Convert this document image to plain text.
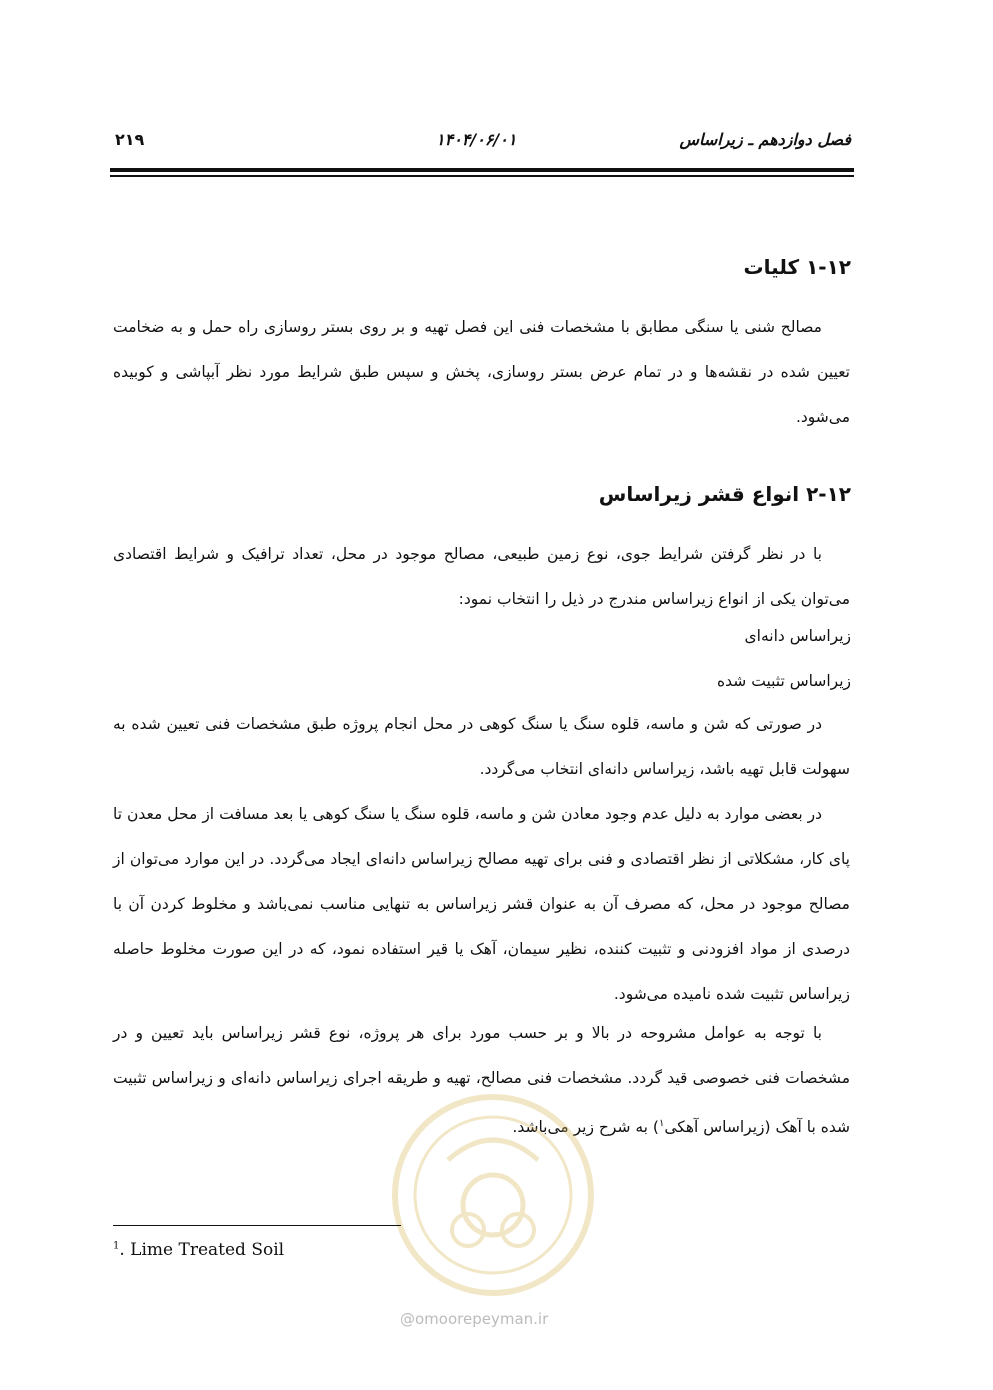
فصل دوازدهم ـ زیراساس
۱۴۰۴/۰۶/۰۱
۲۱۹
۱-۱۲ کلیات

مصالح شنی یا سنگی مطابق با مشخصات فنی این فصل تهیه و بر روی بستر روسازی راه حمل و به ضخامت تعیین شده در نقشه‌ها و در تمام عرض بستر روسازی، پخش و سپس طبق شرایط مورد نظر آبپاشی و کوبیده می‌شود.

۲-۱۲ انواع قشر زیراساس

با در نظر گرفتن شرایط جوی، نوع زمین طبیعی، مصالح موجود در محل، تعداد ترافیک و شرایط اقتصادی می‌توان یکی از انواع زیراساس مندرج در ذیل را انتخاب نمود:

زیراساس دانه‌ای
زیراساس تثبیت شده

در صورتی که شن و ماسه، قلوه سنگ یا سنگ کوهی در محل انجام پروژه طبق مشخصات فنی تعیین شده به سهولت قابل تهیه باشد، زیراساس دانه‌ای انتخاب می‌گردد.

در بعضی موارد به دلیل عدم وجود معادن شن و ماسه، قلوه سنگ یا سنگ کوهی یا بعد مسافت از محل معدن تا پای کار، مشکلاتی از نظر اقتصادی و فنی برای تهیه مصالح زیراساس دانه‌ای ایجاد می‌گردد. در این موارد می‌توان از مصالح موجود در محل، که مصرف آن به عنوان قشر زیراساس به تنهایی مناسب نمی‌باشد و مخلوط کردن آن با درصدی از مواد افزودنی و تثبیت کننده، نظیر سیمان، آهک یا قیر استفاده نمود، که در این صورت مخلوط حاصله زیراساس تثبیت شده نامیده می‌شود.

با توجه به عوامل مشروحه در بالا و بر حسب مورد برای هر پروژه، نوع قشر زیراساس باید تعیین و در مشخصات فنی خصوصی قید گردد. مشخصات فنی مصالح، تهیه و طریقه اجرای زیراساس دانه‌ای و زیراساس تثبیت شده با آهک (زیراساس آهکی$^۱$) به شرح زیر می‌باشد.

@omoorepeyman.ir
$^1$. Lime Treated Soil
